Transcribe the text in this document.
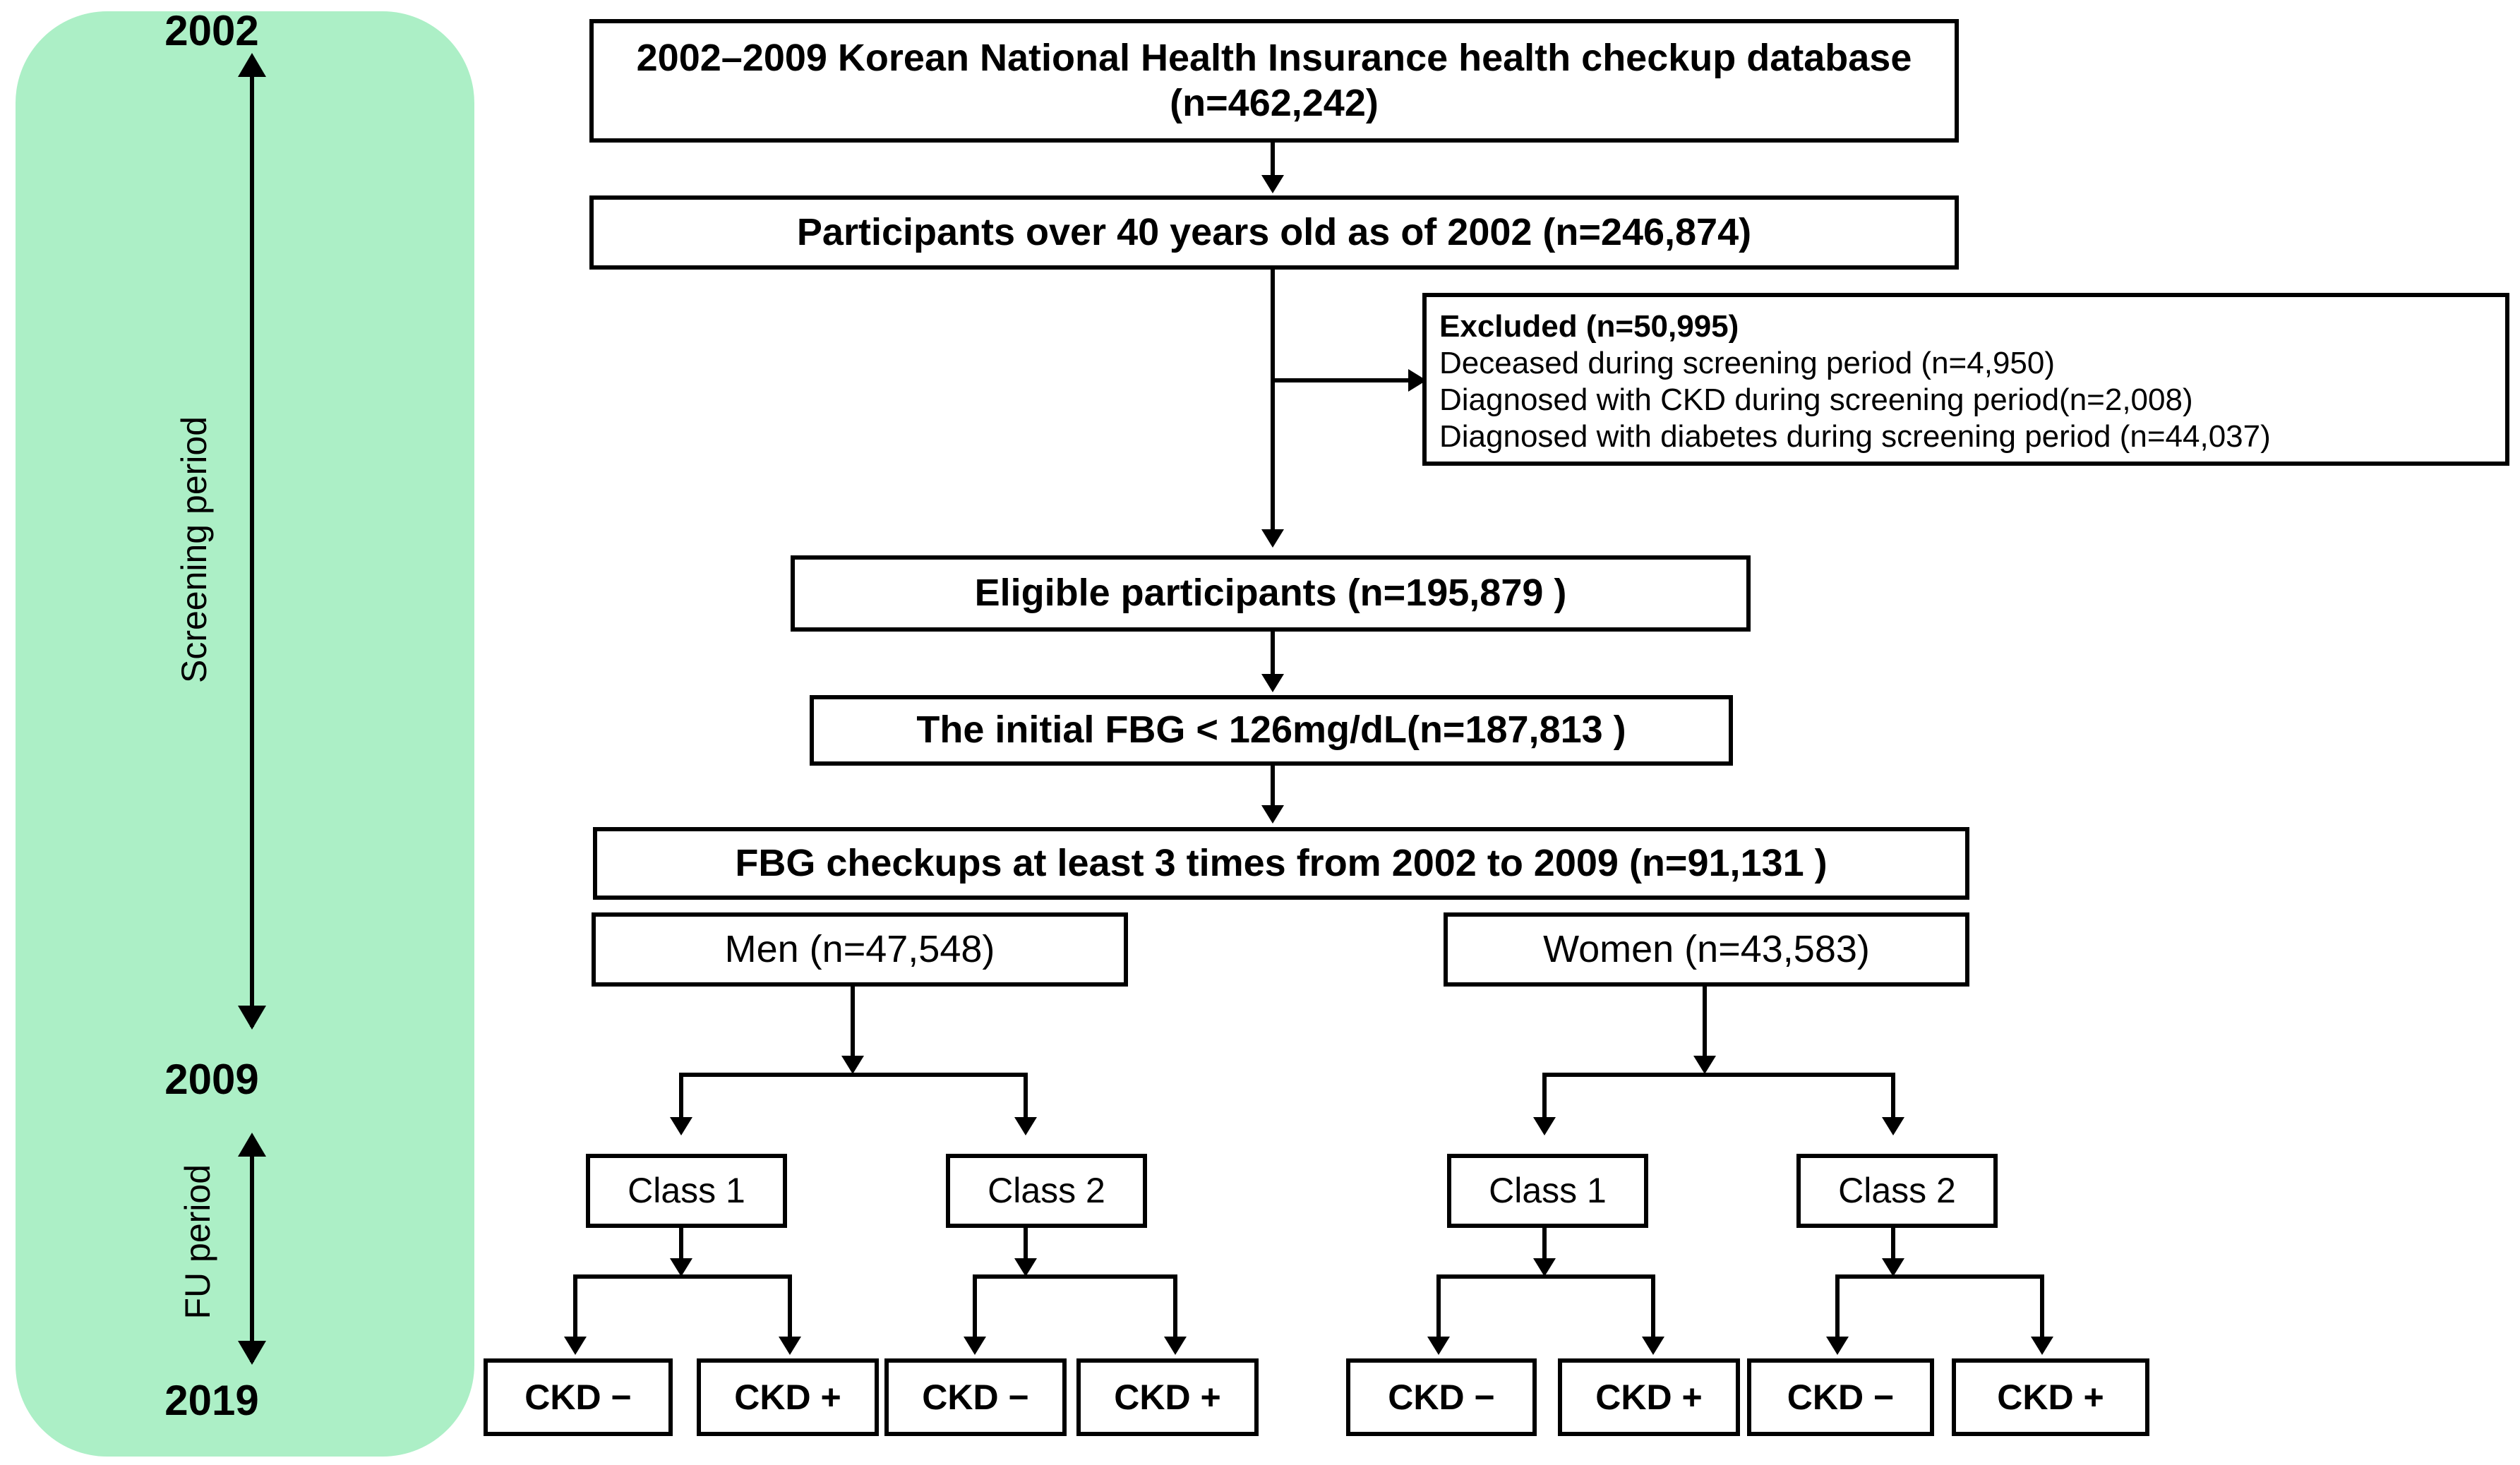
2002
Screening period
2009
FU period
2019
2002–2009 Korean National Health Insurance health checkup database (n=462,242)
Participants over 40 years old as of 2002 (n=246,874)
Excluded (n=50,995)
Deceased during screening period (n=4,950)
Diagnosed with CKD during screening period(n=2,008)
Diagnosed with diabetes during screening period (n=44,037)
Eligible participants (n=195,879 )
The initial FBG < 126mg/dL(n=187,813 )
FBG checkups at least 3 times from 2002 to 2009 (n=91,131 )
Men (n=47,548)	Women (n=43,583)
Class 1	Class 2
CKD −	CKD +	CKD −	CKD +
Class 1	Class 2
CKD −	CKD +	CKD −	CKD +
